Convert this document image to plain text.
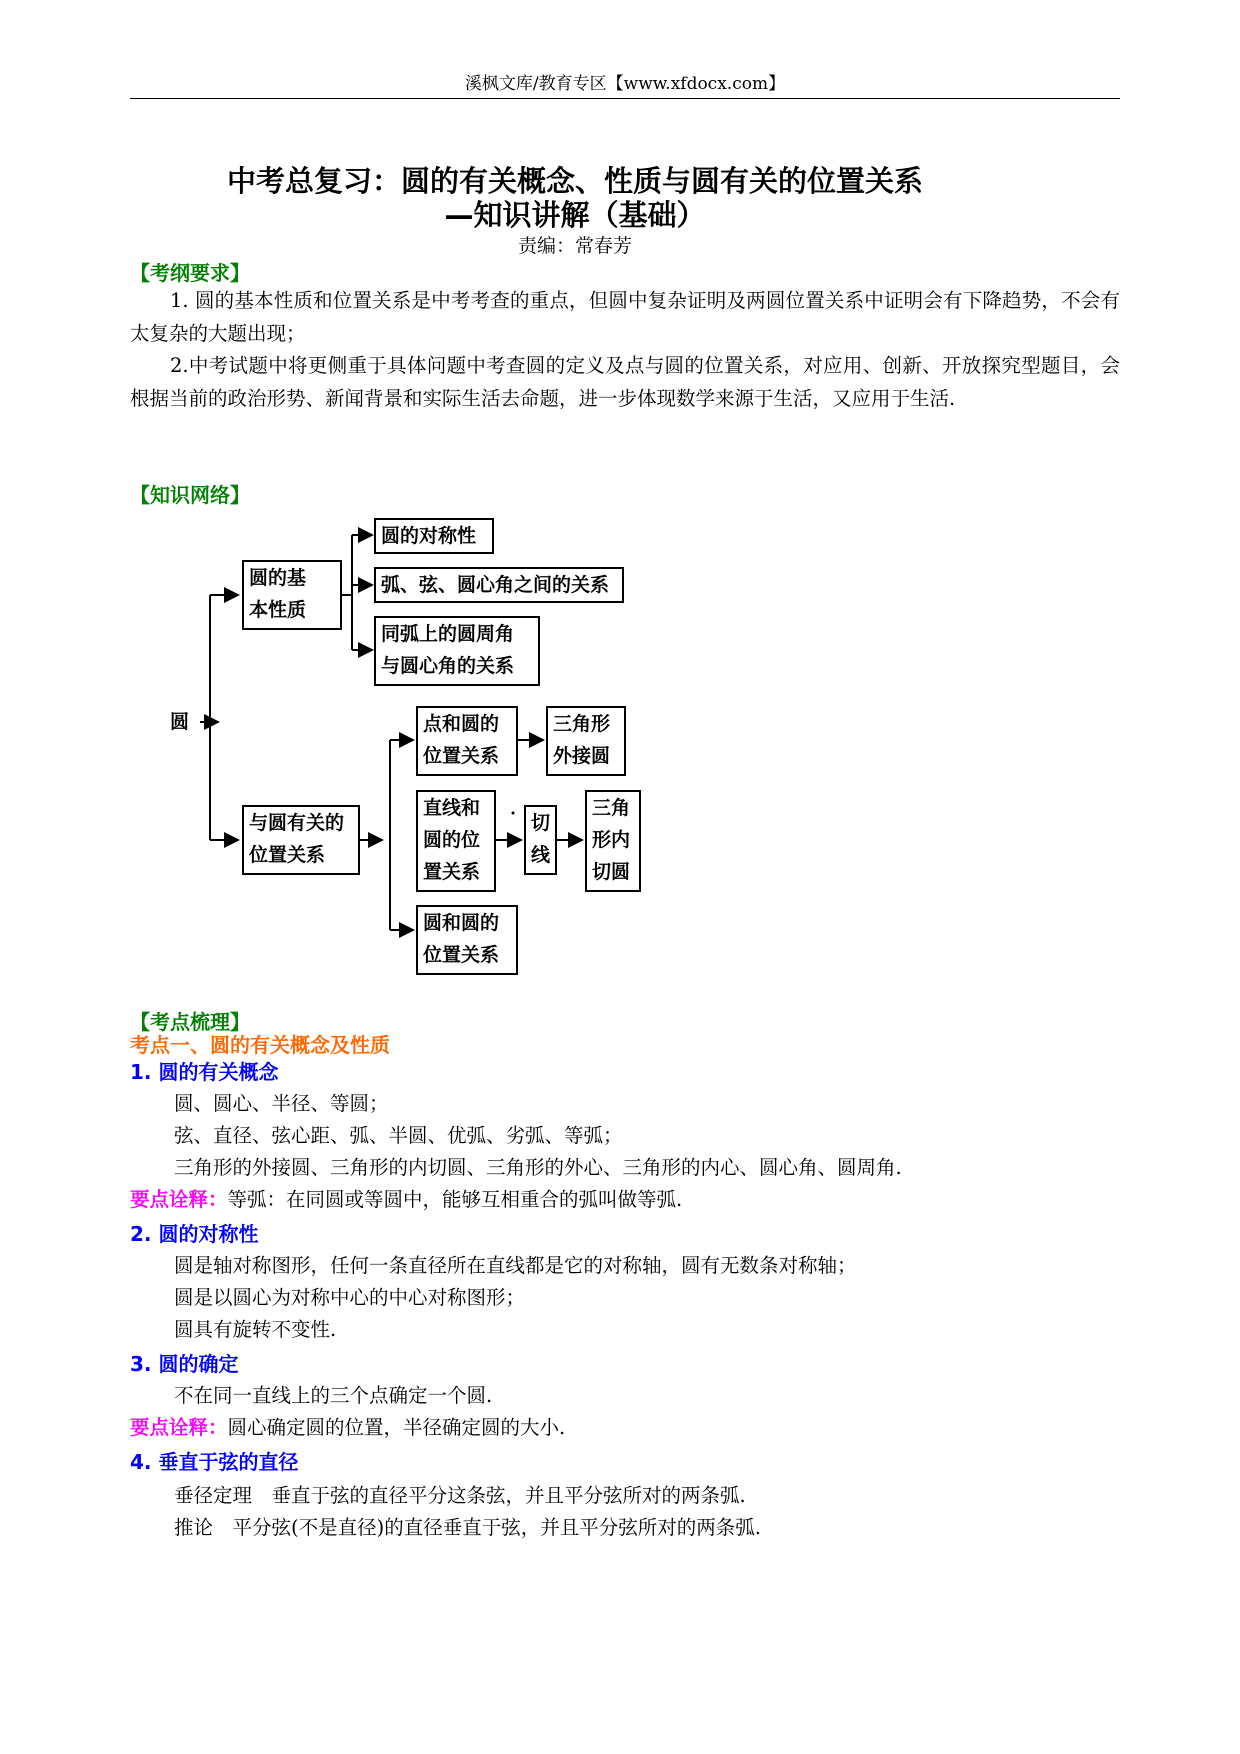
溪枫文库/教育专区【www.xfdocx.com】
中考总复习：圆的有关概念、性质与圆有关的位置关系
—知识讲解（基础）
责编：常春芳
【考纲要求】
1. 圆的基本性质和位置关系是中考考查的重点，但圆中复杂证明及两圆位置关系中证明会有下降趋势，不会有太复杂的大题出现；
2.中考试题中将更侧重于具体问题中考查圆的定义及点与圆的位置关系，对应用、创新、开放探究型题目，会根据当前的政治形势、新闻背景和实际生活去命题，进一步体现数学来源于生活，又应用于生活.
【知识网络】
圆
圆的基
本性质
圆的对称性
弧、弦、圆心角之间的关系
同弧上的圆周角
与圆心角的关系
与圆有关的
位置关系
点和圆的
位置关系
三角形
外接圆
直线和
圆的位
置关系
切
线
三角
形内
切圆
圆和圆的
位置关系
【考点梳理】
考点一、圆的有关概念及性质
1. 圆的有关概念
圆、圆心、半径、等圆；
弦、直径、弦心距、弧、半圆、优弧、劣弧、等弧；
三角形的外接圆、三角形的内切圆、三角形的外心、三角形的内心、圆心角、圆周角.
要点诠释：等弧：在同圆或等圆中，能够互相重合的弧叫做等弧.
2. 圆的对称性
圆是轴对称图形，任何一条直径所在直线都是它的对称轴，圆有无数条对称轴；
圆是以圆心为对称中心的中心对称图形；
圆具有旋转不变性.
3. 圆的确定
不在同一直线上的三个点确定一个圆.
要点诠释：圆心确定圆的位置，半径确定圆的大小.
4. 垂直于弦的直径
垂径定理　垂直于弦的直径平分这条弦，并且平分弦所对的两条弧.
推论　平分弦(不是直径)的直径垂直于弦，并且平分弦所对的两条弧.
